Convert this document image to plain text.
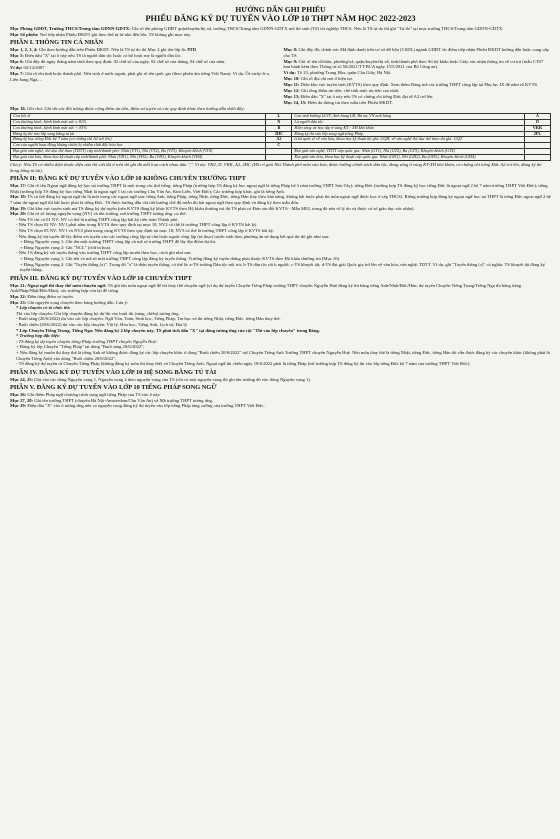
HƯỚNG DẪN GHI PHIẾU
PHIẾU ĐĂNG KÝ DỰ TUYỂN VÀO LỚP 10 THPT NĂM HỌC 2022-2023

Mục Phòng GDĐT, Trường THCS/Trung tâm GDNN-GDTX: Ghi rõ tên phòng GDĐT quận/huyện/thị xã, trường THCS/Trung tâm GDNN-GDTX nơi thí sinh (TS) tốt nghiệp THCS. Nếu là TS tự do thì ghi "Tự do" tại mục trường THCS/Trung tâm GDNN-GDTX.

Mục Số phiếu: Nơi tiếp nhận Phiếu ĐKDT ghi theo thứ tự từ nhỏ đến lớn, TS không ghi mục này.

PHẦN I. THÔNG TIN CÁ NHÂN

Mục 1, 2, 3, 4: Ghi theo hướng dẫn trên Phiếu ĐKDT. Nếu là TS tự do thì Mục 2 ghi tên lớp là: 9TD

Mục 5: Điền dấu "X" tại ô này nếu TS là người dân tộc hoặc có bố hoặc mẹ là người dân tộc.

Mục 6: Ghi đầy đủ ngày tháng năm sinh theo quy định: 02 chữ số của ngày, 02 chữ số của tháng, 04 chữ số của năm.

Ví dụ: 02/12/2007

Mục 7: Ghi rõ tên tỉnh hoặc thành phố. Nếu sinh ở nước ngoài, phải ghi rõ tên quốc gia (theo phiên âm tiếng Việt Nam). Ví dụ: Ôt-xtrây-li-a, Liên bang Nga,...

Mục 8: Ghi đầy đủ, chính xác Mã định danh trên cơ sở dữ liệu (CSDL) ngành GDĐT do điểm tiếp nhận Phiếu ĐKDT hướng dẫn hoặc cung cấp cho TS.

Mục 9: Ghi rõ tên tổ/thôn, phường/xã, quận/huyện/thị xã, tỉnh/thành phố theo Sổ hộ khẩu hoặc Giấy xác nhận thông tin về cư trú (mẫu CT07 ban hành kèm theo Thông tư số 56/2021/TT-BCA ngày 15/5/2021 của Bộ Công an).

Ví dụ: Tổ 23, phường Trung Hòa, quận Cầu Giấy, Hà Nội.

Mục 10: Ghi rõ địa chỉ nơi ở hiện tại.

Mục 11: Diện khu vực tuyển sinh (KVTS) theo quy định. Xem thêm Bảng mã các trường THPT công lập tại Phụ lục IX để nắm rõ KVTS.

Mục 12: Ghi tổng điểm ưu tiên, chế tinh mức ưu tiên cao nhất.

Mục 13: Điền dấu "X" tại ô này nếu TS có chứng chỉ tiếng Đức đạt từ A2 trở lên.

Mục 14, 15: Điền du thông tin theo mẫu trên Phiếu ĐKDT.

Mục 16. Ghi chú: Ghi tắt các đối tượng được cộng điểm ưu tiên, điểm sơ tuyển và các quy định khác theo hướng dẫn dưới đây:

Con liệt sĩ	L	Con ảnh hưởng LLVT, Anh hùng LĐ, Bà mẹ VN anh hùng	A
Con thương binh, bệnh binh mất sức ≥ 81%	N	Là người dân tộc	D
Con thương binh, bệnh binh mất sức < 81%	B	Hiện sống và học tập ở vùng KT - XH khó khăn	VKK
Đăng ký thi vào lớp song bằng tú tài	2HC	Đăng ký thi vào lớp song ngữ tiếng Pháp	2FL
Đăng ký học tiếng Đức hệ 7 năm (có chứng chỉ A2 trở lên)	A2	Giải quốc tế về văn hóa, khoa học kỹ thuật thi ghi: GQH, về văn nghệ thể dục thể thao thi ghi: GQT	
Con của người hoạt động kháng chiến bị nhiễm chất độc hóa học	C		
Đạt giải văn nghệ, thể dục thể thao (TDTT) cấp tỉnh/thành phố: Nhất (VT1), Nhì (VT2), Ba (VT3), Khuyến khích (VT4)		Đạt giải văn nghệ, TDTT cấp quốc gia: Nhất (GT1), Nhì (GT2), Ba (GT3), Khuyến khích (GT4)	
Đạt giải văn hóa, khoa học kỹ thuật cấp tỉnh/thành phố: Nhất (VH1), Nhì (VH2), Ba (VH3), Khuyến khích (VH4)		Đạt giải văn hóa, khoa học kỹ thuật cấp quốc gia: Nhất (GH1), Nhì (GH2), Ba (GH3), Khuyến khích (GH4)	

Chú ý: Nếu TS có nhiều diện thuộc diện nào thì viết tắt ở trên thì ghi đủ mỗi loại cách nhau dấu ",". Ví dụ: VH2, D, VKK, A2, 2HC (HS có giải Nhì Thành phố môn văn hóa, được hưởng chính sách dân tộc, đang sống ở vùng KT-XH khó khăn, có chứng chỉ tiếng Đức A2 trở lên, đăng ký thi Song bằng tú tài).

PHẦN II: ĐĂNG KÝ DỰ TUYỂN VÀO LỚP 10 KHÔNG CHUYÊN TRƯỜNG THPT

Mục 17: Ghi rõ tên Ngoại ngữ đăng ký học tại trường THPT là một trong các thứ tiếng: tiếng Pháp (trường hợp TS đăng ký học ngoại ngữ là tiếng Pháp hệ 3 năm trường THPT Sơn Tây); tiếng Đức (trường hợp TS đăng ký học tiếng Đức là ngoại ngữ 2 hệ 7 năm trường THPT Việt Đức); tiếng Nhật (trường hợp TS đăng ký học tiếng Nhật là ngoại ngữ 1 tại các trường Chu Văn An, Kim Liên, Việt Đức); Các trường hợp khác, ghi là tiếng Anh.

Mục 18: TS có thể đăng ký ngoại ngữ thi là một trong các ngoại ngữ sau: tiếng Anh, tiếng Pháp, tiếng Nhật, tiếng Đức, tiếng Hàn (tùy theo khả năng, không bắt buộc phải thi môn ngoại ngữ được học ở cấp THCS). Riêng trường hợp đăng ký ngoại ngữ học tại THPT là tiếng Đức ngoại ngữ 2 hệ 7 năm thì ngoại ngữ thi bắt buộc phải là tiếng Đức. TS được hướng dẫn chi tiết hưởng chế độ miễn thi bài ngoại ngữ theo quy định và đăng ký theo mẫu đơn.

Mục 19: Ghi khu vực tuyển sinh mà TS đăng ký dự tuyển (nếu KVTS đăng ký khác KVTS theo Hộ khẩu thường trú thì TS phải có Đơn xin đổi KVTS - Mẫu M02, trong đó nêu rõ lý do và được cơ sở giáo dục xác nhận).

Mục 20: Ghi rõ số lượng nguyện vọng (NV) và tên trường, mã trường THPT tương ứng, cụ thể:

- Nếu TS chỉ có 01 NV: NV có thể là trường THPT công lập bất kỳ trên toàn Thành phố.

- Nếu TS chọn 02 NV: NV1 phải nằm trong KVTS theo quy định tại mục 18, NV2 có thể là trường THPT công lập ở KVTS bất kỳ.

- Nếu TS chọn 03 NV: NV1 và NV2 phải trong cùng KVTS theo quy định tại mục 18; NV3 có thể là trường THPT công lập ở KVTS bất kỳ.

- Nếu đăng ký dự tuyển để lấy điểm xét tuyển vào các trường công lập tự chủ hoặc ngoài công lập (tư thục) tuyển sinh theo phương án sử dụng kết quả thi thì ghi như sau:

+ Đăng Nguyện vọng 1: Ghi tên một trường THPT công lập và mã số trường THPT để lấy địa điểm dự thi.

+ Đăng Nguyện vọng 2: Ghi "NCL" (chữ in hoa).

- Nếu TS đăng ký xét tuyển thẳng vào trường THPT công lập muốn theo học, cách ghi như sau:

+ Đăng Nguyện vọng 1: Ghi tên và mã số một trường THPT công lập đăng ký tuyển thẳng. Trường đăng ký tuyển thẳng phải thuộc KVTS theo Hộ khẩu thường trú (Mục 10).

+ Đăng Nguyện vọng 2: Ghi "Tuyển thẳng (x)". Trong đó "x" là diện tuyển thẳng, có thể là: a-TS trường Dân tộc nội trú; b-TS dân tộc rất ít người; c-TS khuyết tật; d-TS đạt giải Quốc gia trở lên về văn hóa, văn nghệ, TDTT. Ví dụ: ghi "Tuyển thẳng (c)" có nghĩa: TS khuyết tật đăng ký tuyển thẳng.

PHẦN III. ĐĂNG KÝ DỰ TUYỂN VÀO LỚP 10 CHUYÊN THPT

Mục 21: Ngoại ngữ thi thay thế môn chuyên ngữ: TS ghi tên môn ngoại ngữ để thi thay thế chuyên ngữ (ví dụ dự tuyển Chuyên Tiếng Pháp trường THPT chuyên Nguyễn Huệ đăng ký thi bằng tiếng Anh/Nhật/Đức/Hàn; dự tuyển Chuyên Tiếng Trung/Tiếng Nga thi bằng tiếng Anh/Pháp/Nhật/Đức/Hàn), các trường hợp còn lại để trống.

Mục 22: Điền tổng điểm sơ tuyển.

Mục 23: Ghi nguyện vọng chuyên theo bảng hướng dẫn. Lưu ý:

* Lớp chuyên có tổ chức thi:

Thi vào lớp chuyên: Ghi lớp chuyên đăng ký dự thi vào buổi thi (sáng, chiều) tương ứng.

- Buổi sáng (20/6/2022) thi vào các lớp chuyên: Ngữ Văn, Toán, Sinh học, Tiếng Pháp, Tin học và thi tiếng Nhật, tiếng Đức, tiếng Hàn thay thế.

- Buổi chiều (20/6/2022) thi vào các lớp chuyên: Vật lý, Hóa học, Tiếng Anh, Lịch sử, Địa lý.

* Lớp Chuyên Tiếng Trung, Tiếng Nga: Nếu đăng ký 2 lớp chuyên này, TS phải tích dấu "X" tại dòng tương ứng của cột "Thi vào lớp chuyên" trong Bảng.

* Trường hợp đặc biệt:

- TS đăng ký dự tuyển chuyên tiếng Pháp trường THPT chuyên Nguyễn Huệ:

+ Đăng ký lớp Chuyên "Tiếng Pháp" tại dòng "Buổi sáng 20/6/2022";

+ Nếu đăng ký muốn thi thay thế là tiếng Anh sẽ không được đăng ký các lớp chuyên khác ở dòng "Buổi chiều 20/6/2022" trừ Chuyên Tiếng Anh Trường THPT chuyên Nguyễn Huệ. Nếu môn thay thế là tiếng Nhật, tiếng Đức, tiếng Hàn thì vẫn được đăng ký các chuyên khác (không phải là Chuyên Tiếng Anh) vào dòng "Buổi chiều 20/6/2022".

- TS đăng ký dự tuyển cả Chuyên Tiếng Pháp (không đăng ký môn thi thay thế) và Chuyên Tiếng Anh, Ngoại ngữ thi chiều ngày 18/6/2022 phải là tiếng Pháp (trừ trường hợp TS đăng ký thi vào lớp tiếng Đức hệ 7 năm của trường THPT Việt Đức).

PHẦN IV. ĐĂNG KÝ DỰ TUYỂN VÀO LỚP 10 HỆ SONG BẰNG TÚ TÀI

Mục 24, 25: Ghi vào các dòng Nguyện vọng 1, Nguyện vọng 2 theo nguyện vọng của TS (chỉ có một nguyện vọng thì ghi tên trường đó vào dòng Nguyện vọng 1).

PHẦN V. ĐĂNG KÝ DỰ TUYỂN VÀO LỚP 10 TIẾNG PHÁP SONG NGỮ

Mục 26: Ghi điểm Pháp ngữ chương trình song ngữ tiếng Pháp của TS vào ô này.

Mục 27, 28: Ghi tên trường THPT (chuyên Hà Nội-Amsterdam/Chu Văn An) và Mã trường THPT tương ứng.

Mục 29: Điền dấu "X" vào ô tương ứng nếu có nguyện vọng đăng ký dự tuyển vào lớp tiếng Pháp tăng cường của trường THPT Việt Đức.
